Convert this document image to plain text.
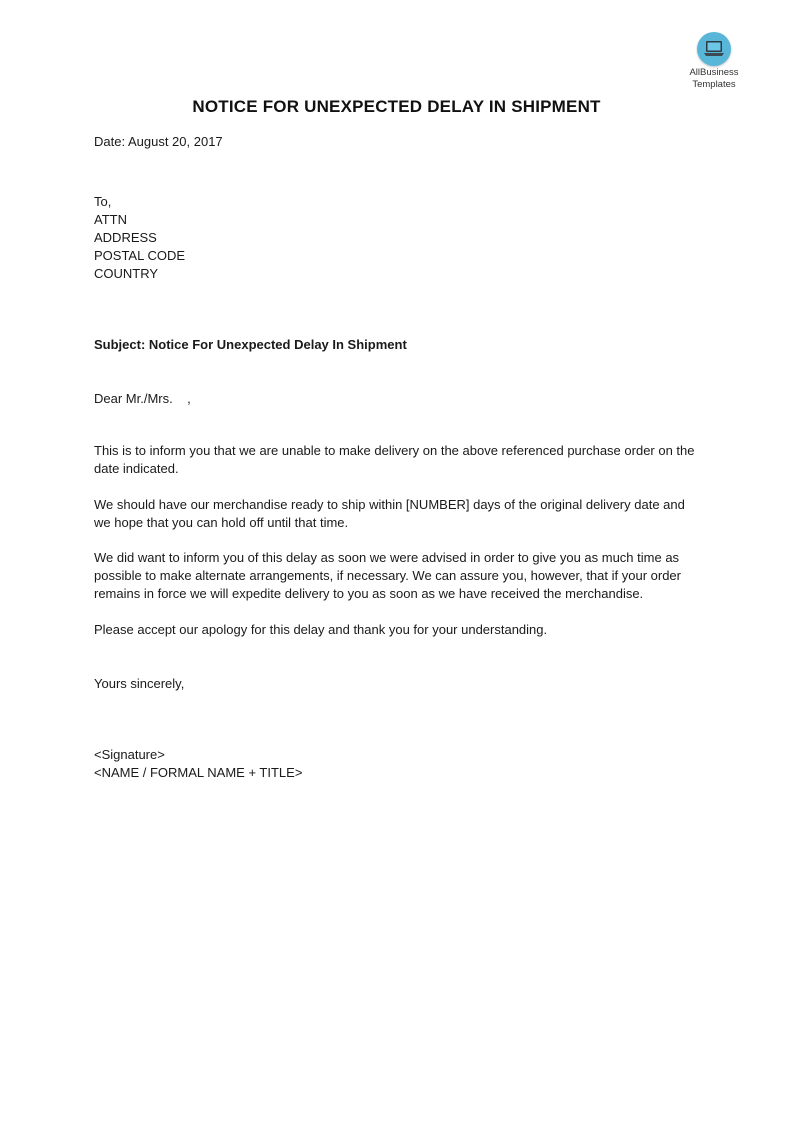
AllBusiness
Templates
NOTICE FOR UNEXPECTED DELAY IN SHIPMENT
Date: August 20, 2017
To,
ATTN
ADDRESS
POSTAL CODE
COUNTRY
Subject: Notice For Unexpected Delay In Shipment
Dear Mr./Mrs.    ,
This is to inform you that we are unable to make delivery on the above referenced purchase order on the date indicated.
We should have our merchandise ready to ship within [NUMBER] days of the original delivery date and we hope that you can hold off until that time.
We did want to inform you of this delay as soon we were advised in order to give you as much time as possible to make alternate arrangements, if necessary. We can assure you, however, that if your order remains in force we will expedite delivery to you as soon as we have received the merchandise.
Please accept our apology for this delay and thank you for your understanding.
Yours sincerely,
<Signature>
<NAME / FORMAL NAME + TITLE>
